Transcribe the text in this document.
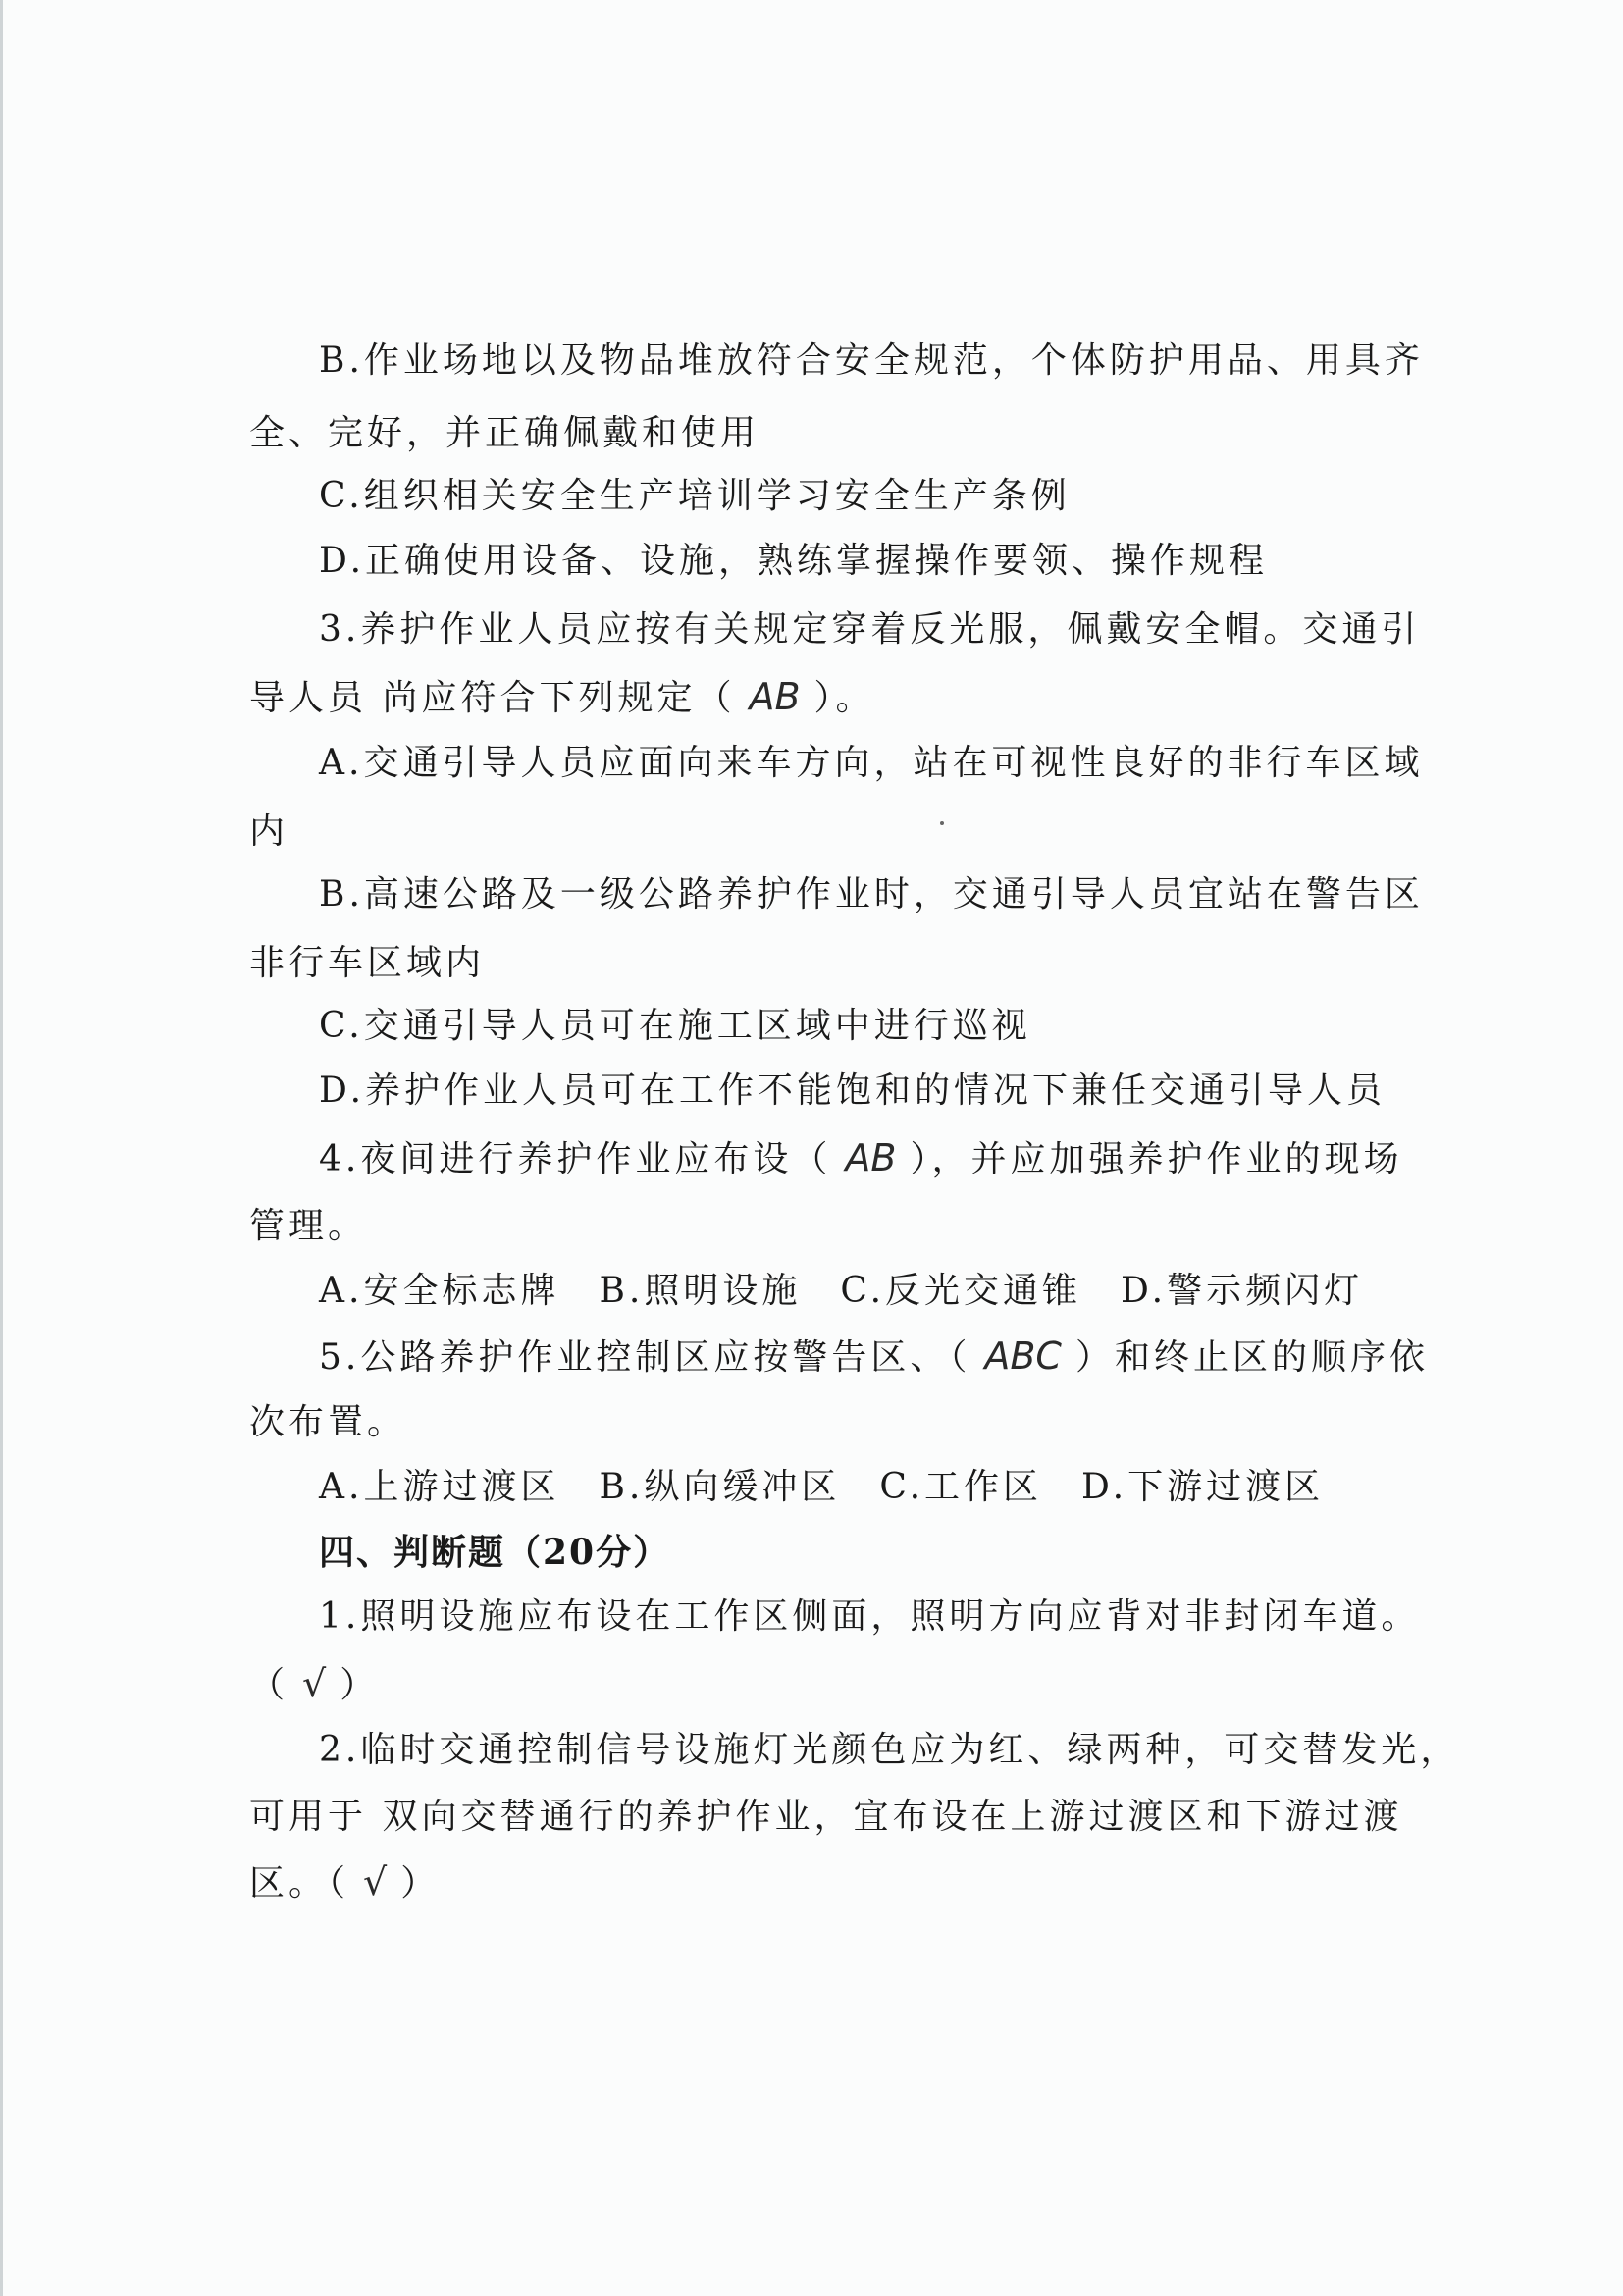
B.作业场地以及物品堆放符合安全规范，个体防护用品、用具齐
全、完好，并正确佩戴和使用
C.组织相关安全生产培训学习安全生产条例
D.正确使用设备、设施，熟练掌握操作要领、操作规程
3.养护作业人员应按有关规定穿着反光服，佩戴安全帽。交通引
导人员 尚应符合下列规定（ AB ）。
A.交通引导人员应面向来车方向，站在可视性良好的非行车区域
内
B.高速公路及一级公路养护作业时，交通引导人员宜站在警告区
非行车区域内
C.交通引导人员可在施工区域中进行巡视
D.养护作业人员可在工作不能饱和的情况下兼任交通引导人员
4.夜间进行养护作业应布设（ AB ），并应加强养护作业的现场
管理。
A.安全标志牌　B.照明设施　C.反光交通锥　D.警示频闪灯
5.公路养护作业控制区应按警告区、（ ABC ）和终止区的顺序依
次布置。
A.上游过渡区　B.纵向缓冲区　C.工作区　D.下游过渡区
四、判断题（20分）
1.照明设施应布设在工作区侧面，照明方向应背对非封闭车道。
（ √ ）
2.临时交通控制信号设施灯光颜色应为红、绿两种，可交替发光，
可用于 双向交替通行的养护作业，宜布设在上游过渡区和下游过渡
区。（ √ ）
